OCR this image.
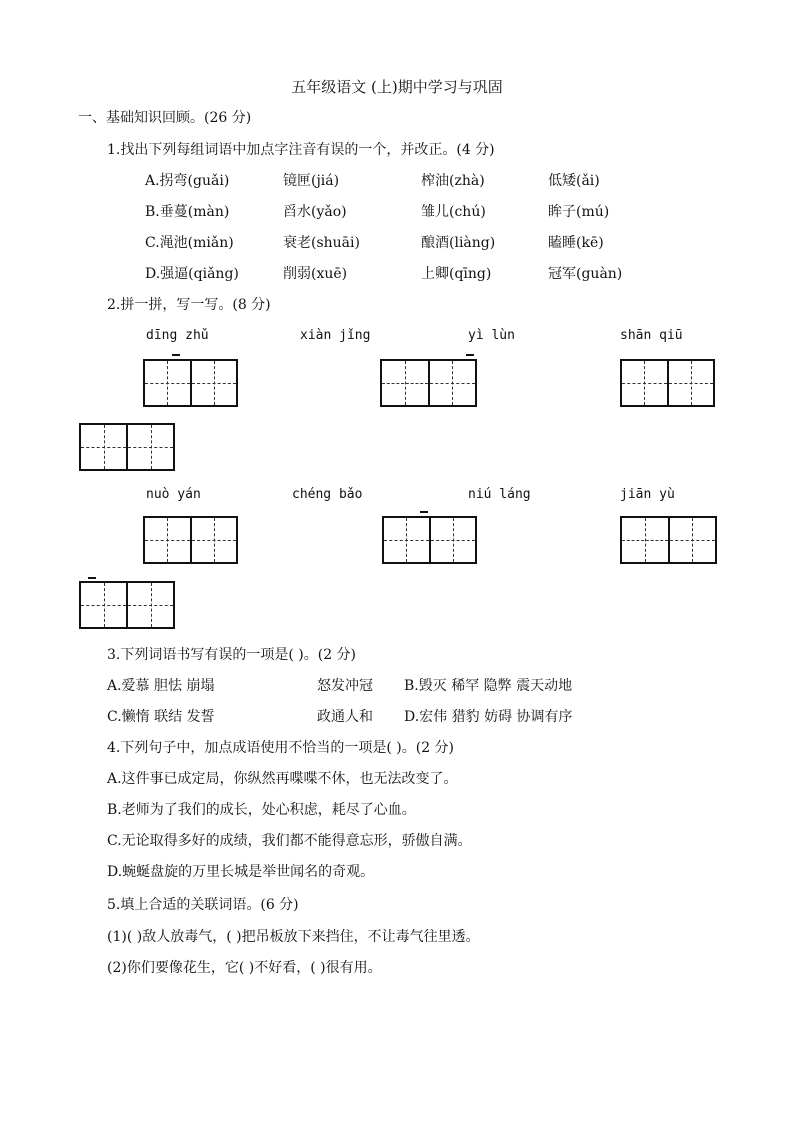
五年级语文 (上)期中学习与巩固
一、基础知识回顾。(26 分)
1.找出下列每组词语中加点字注音有误的一个，并改正。(4 分)
A.拐弯(guǎi)	镜匣(jiá)	榨油(zhà)	低矮(ǎi)
B.垂蔓(màn)	舀水(yǎo)	雏儿(chú)	眸子(mú)
C.渑池(miǎn)	衰老(shuāi)	酿酒(liàng)	瞌睡(kē)
D.强逼(qiǎng)	削弱(xuē)	上卿(qīng)	冠军(guàn)
2.拼一拼，写一写。(8 分)
dīng zhǔ	xiàn jǐng	yì lùn	shān qiū
nuò yán	chéng bǎo	niú láng	jiān yù
3.下列词语书写有误的一项是( )。(2 分)
A.爱慕 胆怯 崩塌	怒发冲冠 B.毁灭 稀罕 隐弊 震天动地
C.懒惰 联结 发誓	政通人和 D.宏伟 猎豹 妨碍 协调有序
4.下列句子中，加点成语使用不恰当的一项是( )。(2 分)
A.这件事已成定局，你纵然再喋喋不休，也无法改变了。
B.老师为了我们的成长，处心积虑，耗尽了心血。
C.无论取得多好的成绩，我们都不能得意忘形，骄傲自满。
D.蜿蜒盘旋的万里长城是举世闻名的奇观。
5.填上合适的关联词语。(6 分)
(1)( )敌人放毒气，( )把吊板放下来挡住，不让毒气往里透。
(2)你们要像花生，它( )不好看，( )很有用。
